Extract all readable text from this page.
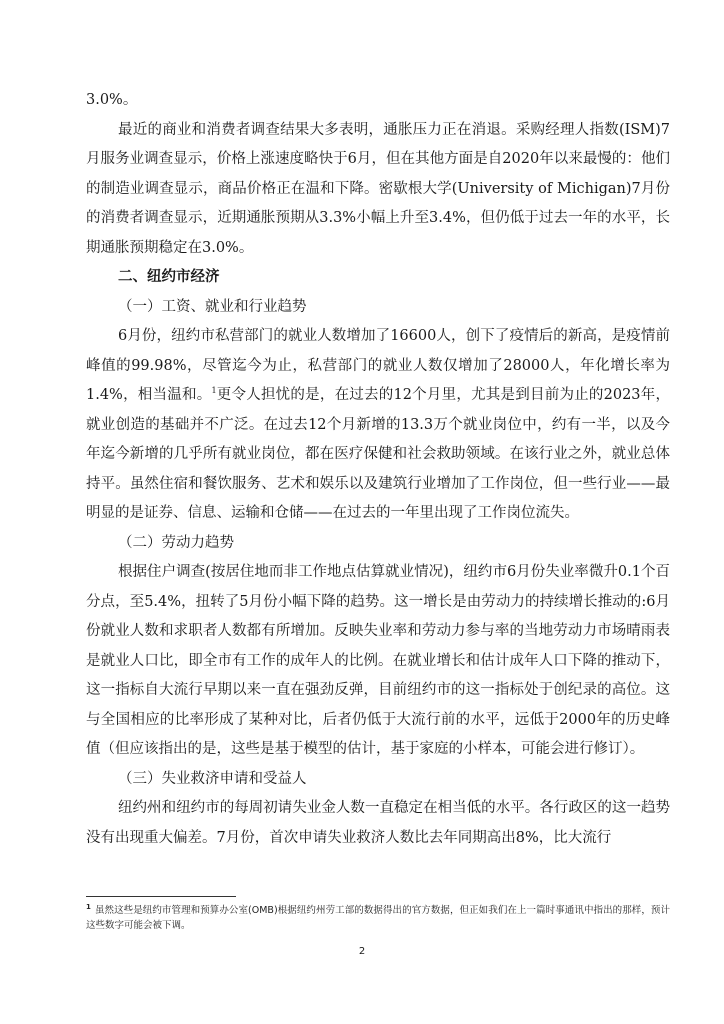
3.0%。

最近的商业和消费者调查结果大多表明，通胀压力正在消退。采购经理人指数(ISM)7月服务业调查显示，价格上涨速度略快于6月，但在其他方面是自2020年以来最慢的：他们的制造业调查显示，商品价格正在温和下降。密歇根大学(University of Michigan)7月份的消费者调查显示，近期通胀预期从3.3%小幅上升至3.4%，但仍低于过去一年的水平，长期通胀预期稳定在3.0%。

二、纽约市经济

（一）工资、就业和行业趋势

6月份，纽约市私营部门的就业人数增加了16600人，创下了疫情后的新高，是疫情前峰值的99.98%，尽管迄今为止，私营部门的就业人数仅增加了28000人，年化增长率为1.4%，相当温和。$^1$更令人担忧的是，在过去的12个月里，尤其是到目前为止的2023年，就业创造的基础并不广泛。在过去12个月新增的13.3万个就业岗位中，约有一半，以及今年迄今新增的几乎所有就业岗位，都在医疗保健和社会救助领域。在该行业之外，就业总体持平。虽然住宿和餐饮服务、艺术和娱乐以及建筑行业增加了工作岗位，但一些行业——最明显的是证券、信息、运输和仓储——在过去的一年里出现了工作岗位流失。

（二）劳动力趋势

根据住户调查(按居住地而非工作地点估算就业情况)，纽约市6月份失业率微升0.1个百分点，至5.4%，扭转了5月份小幅下降的趋势。这一增长是由劳动力的持续增长推动的:6月份就业人数和求职者人数都有所增加。反映失业率和劳动力参与率的当地劳动力市场晴雨表是就业人口比，即全市有工作的成年人的比例。在就业增长和估计成年人口下降的推动下，这一指标自大流行早期以来一直在强劲反弹，目前纽约市的这一指标处于创纪录的高位。这与全国相应的比率形成了某种对比，后者仍低于大流行前的水平，远低于2000年的历史峰值（但应该指出的是，这些是基于模型的估计，基于家庭的小样本，可能会进行修订）。

（三）失业救济申请和受益人

纽约州和纽约市的每周初请失业金人数一直稳定在相当低的水平。各行政区的这一趋势没有出现重大偏差。7月份，首次申请失业救济人数比去年同期高出8%，比大流行

$^1$ 虽然这些是纽约市管理和预算办公室(OMB)根据纽约州劳工部的数据得出的官方数据，但正如我们在上一篇时事通讯中指出的那样，预计这些数字可能会被下调。
2
